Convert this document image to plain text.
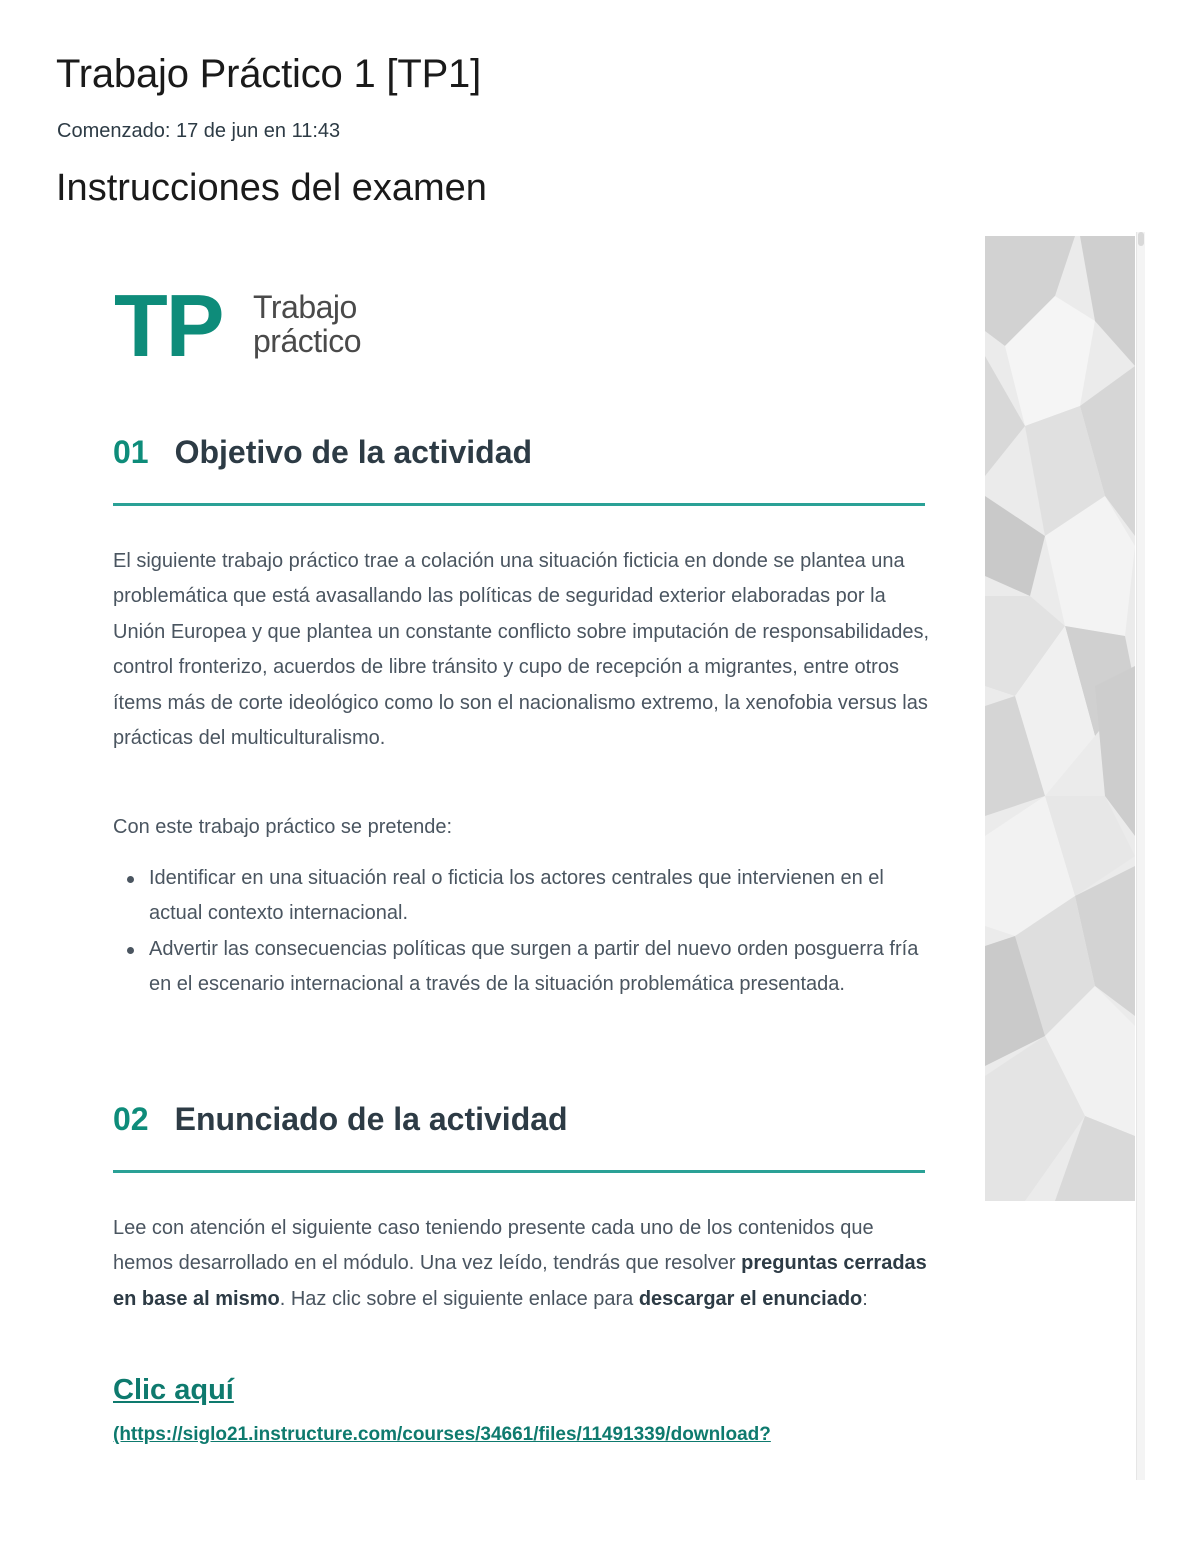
Trabajo Práctico 1 [TP1]
Comenzado: 17 de jun en 11:43
Instrucciones del examen
TP Trabajo
práctico
01 Objetivo de la actividad

El siguiente trabajo práctico trae a colación una situación ficticia en donde se plantea una problemática que está avasallando las políticas de seguridad exterior elaboradas por la Unión Europea y que plantea un constante conflicto sobre imputación de responsabilidades, control fronterizo, acuerdos de libre tránsito y cupo de recepción a migrantes, entre otros ítems más de corte ideológico como lo son el nacionalismo extremo, la xenofobia versus las prácticas del multiculturalismo.

Con este trabajo práctico se pretende:

Identificar en una situación real o ficticia los actores centrales que intervienen en el actual contexto internacional.
Advertir las consecuencias políticas que surgen a partir del nuevo orden posguerra fría en el escenario internacional a través de la situación problemática presentada.
02 Enunciado de la actividad

Lee con atención el siguiente caso teniendo presente cada uno de los contenidos que hemos desarrollado en el módulo. Una vez leído, tendrás que resolver preguntas cerradas en base al mismo. Haz clic sobre el siguiente enlace para descargar el enunciado:

Clic aquí
(https://siglo21.instructure.com/courses/34661/files/11491339/download?
